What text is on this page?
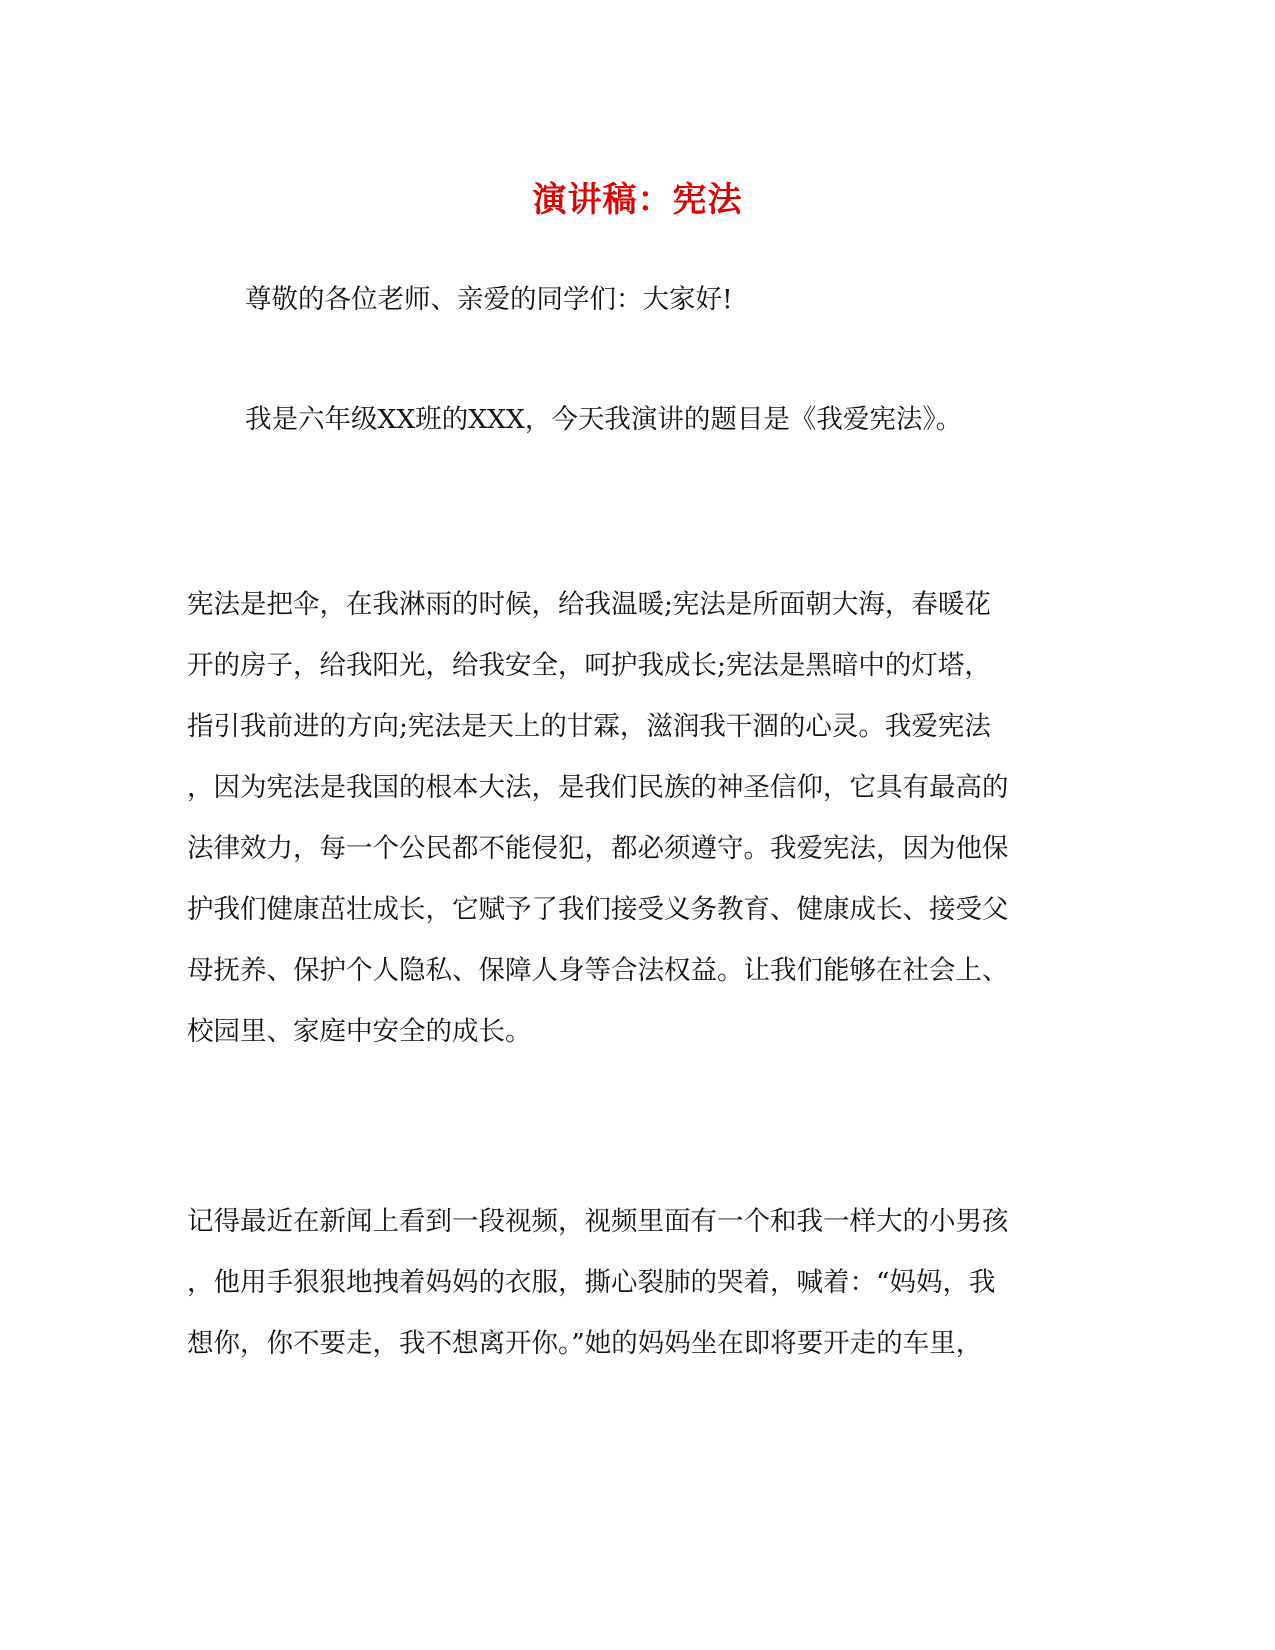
演讲稿：宪法
尊敬的各位老师、亲爱的同学们：大家好!
我是六年级XX班的XXX，今天我演讲的题目是《我爱宪法》。
宪法是把伞，在我淋雨的时候，给我温暖;宪法是所面朝大海，春暖花
开的房子，给我阳光，给我安全，呵护我成长;宪法是黑暗中的灯塔，
指引我前进的方向;宪法是天上的甘霖，滋润我干涸的心灵。我爱宪法
，因为宪法是我国的根本大法，是我们民族的神圣信仰，它具有最高的
法律效力，每一个公民都不能侵犯，都必须遵守。我爱宪法，因为他保
护我们健康茁壮成长，它赋予了我们接受义务教育、健康成长、接受父
母抚养、保护个人隐私、保障人身等合法权益。让我们能够在社会上、
校园里、家庭中安全的成长。
记得最近在新闻上看到一段视频，视频里面有一个和我一样大的小男孩
，他用手狠狠地拽着妈妈的衣服，撕心裂肺的哭着，喊着：“妈妈，我
想你，你不要走，我不想离开你。”她的妈妈坐在即将要开走的车里，
